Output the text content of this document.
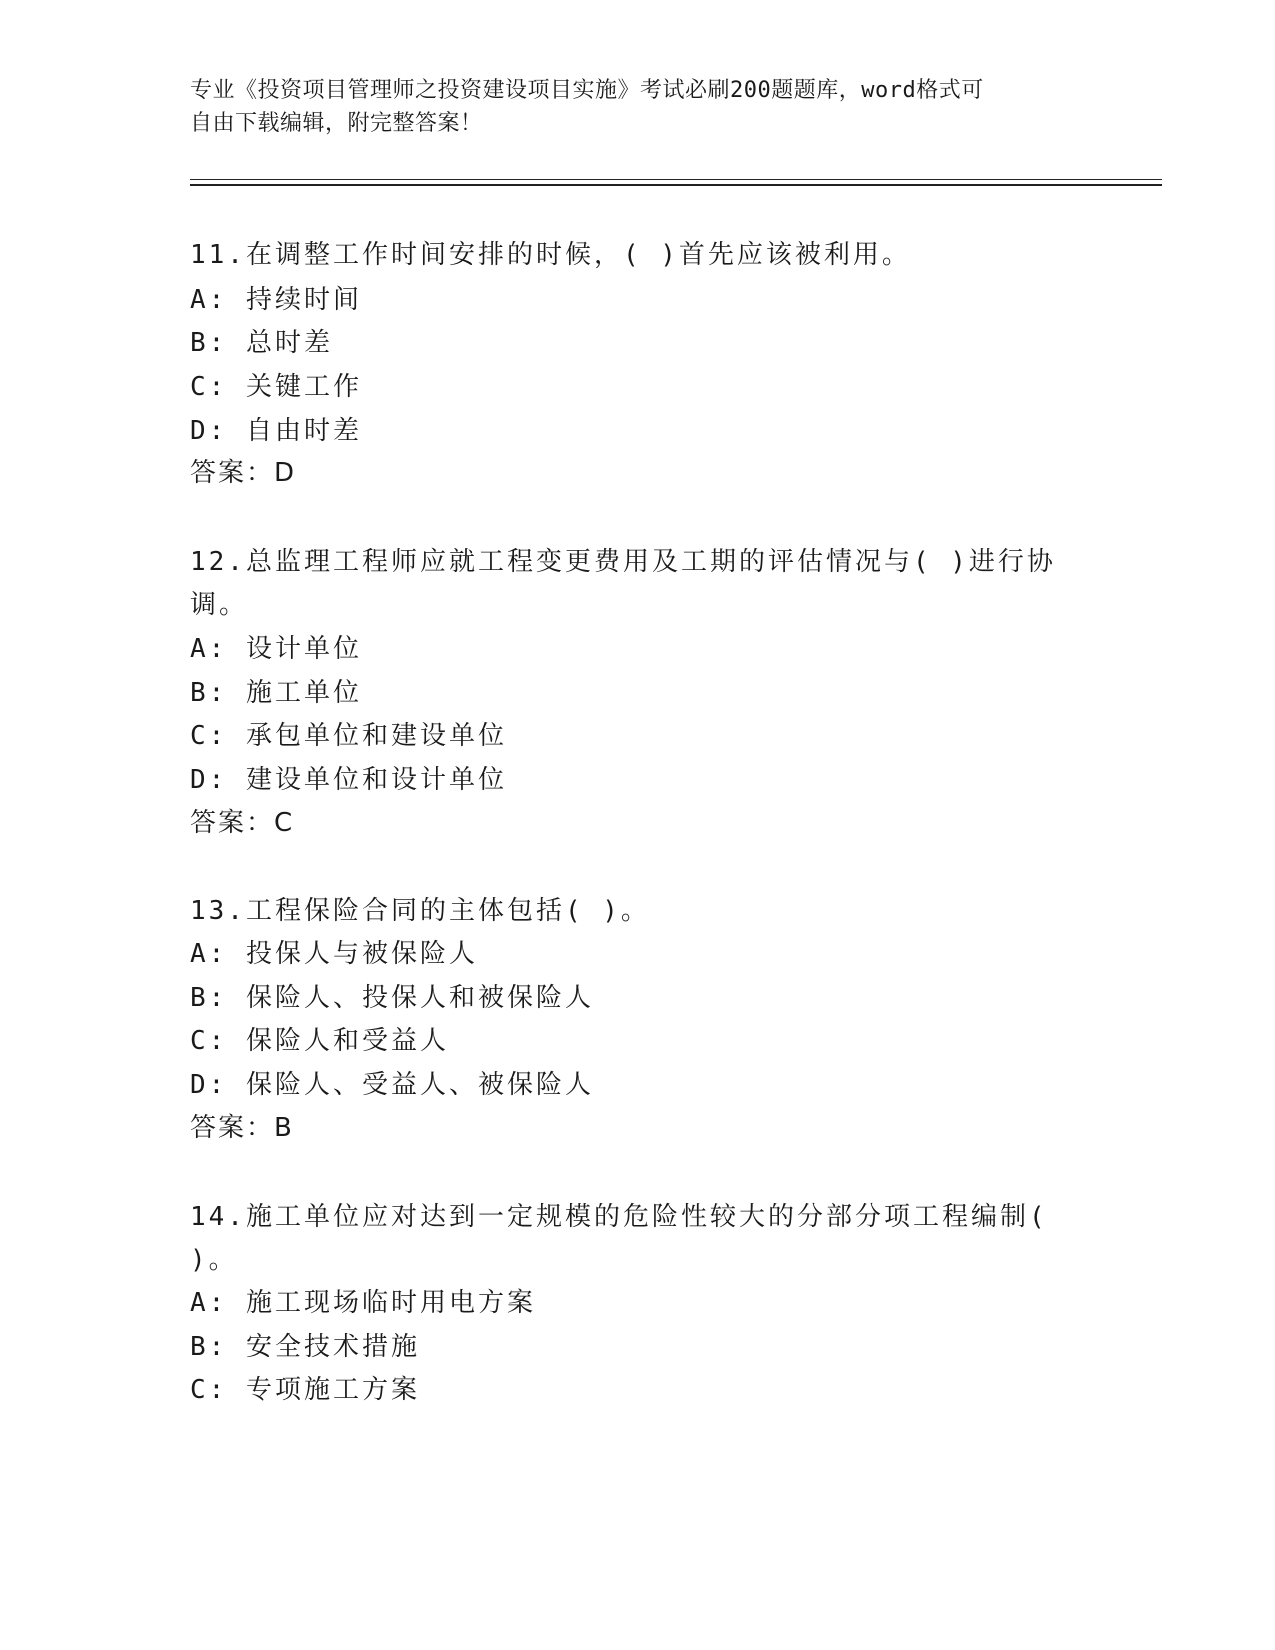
专业《投资项目管理师之投资建设项目实施》考试必刷200题题库，word格式可
自由下载编辑，附完整答案！
11.在调整工作时间安排的时候，( )首先应该被利用。
A: 持续时间
B: 总时差
C: 关键工作
D: 自由时差
答案：D
12.总监理工程师应就工程变更费用及工期的评估情况与( )进行协
调。
A: 设计单位
B: 施工单位
C: 承包单位和建设单位
D: 建设单位和设计单位
答案：C
13.工程保险合同的主体包括( )。
A: 投保人与被保险人
B: 保险人、投保人和被保险人
C: 保险人和受益人
D: 保险人、受益人、被保险人
答案：B
14.施工单位应对达到一定规模的危险性较大的分部分项工程编制(
)。
A: 施工现场临时用电方案
B: 安全技术措施
C: 专项施工方案
